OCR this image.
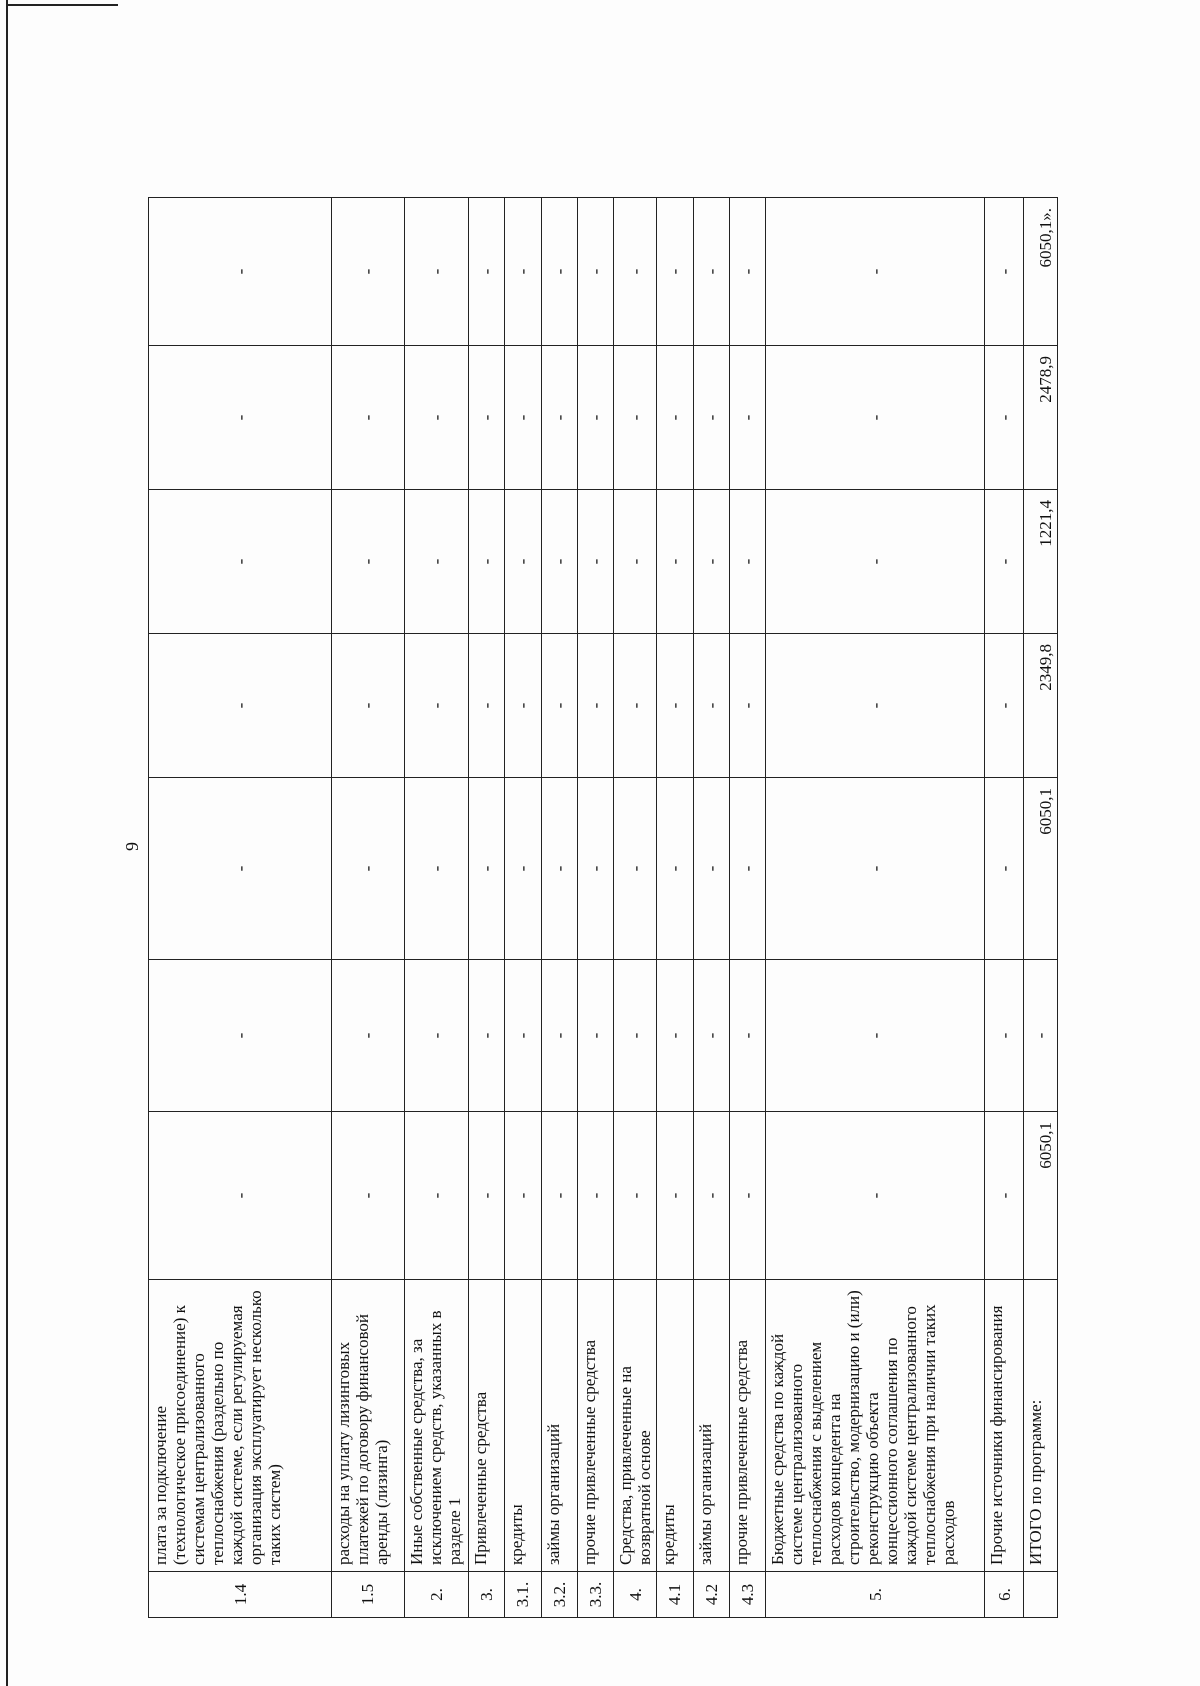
9
1.4	плата за подключение (технологическое присоединение) к системам централизованного теплоснабжения (раздельно по каждой системе, если регулируемая организация эксплуатирует несколько таких систем)	-	-	-	-	-	-	-
1.5	расходы на уплату лизинговых платежей по договору финансовой аренды (лизинга)	-	-	-	-	-	-	-
2.	Иные собственные средства, за исключением средств, указанных в разделе 1	-	-	-	-	-	-	-
3.	Привлеченные средства	-	-	-	-	-	-	-
3.1.	кредиты	-	-	-	-	-	-	-
3.2.	займы организаций	-	-	-	-	-	-	-
3.3.	прочие привлеченные средства	-	-	-	-	-	-	-
4.	Средства, привлеченные на возвратной основе	-	-	-	-	-	-	-
4.1	кредиты	-	-	-	-	-	-	-
4.2	займы организаций	-	-	-	-	-	-	-
4.3	прочие привлеченные средства	-	-	-	-	-	-	-
5.	Бюджетные средства по каждой системе централизованного теплоснабжения с выделением расходов концедента на строительство, модернизацию и (или) реконструкцию объекта концессионного соглашения по каждой системе централизованного теплоснабжения при наличии таких расходов	-	-	-	-	-	-	-
6.	Прочие источники финансирования	-	-	-	-	-	-	-
	ИТОГО по программе:	6050,1	-	6050,1	2349,8	1221,4	2478,9	6050,1».
